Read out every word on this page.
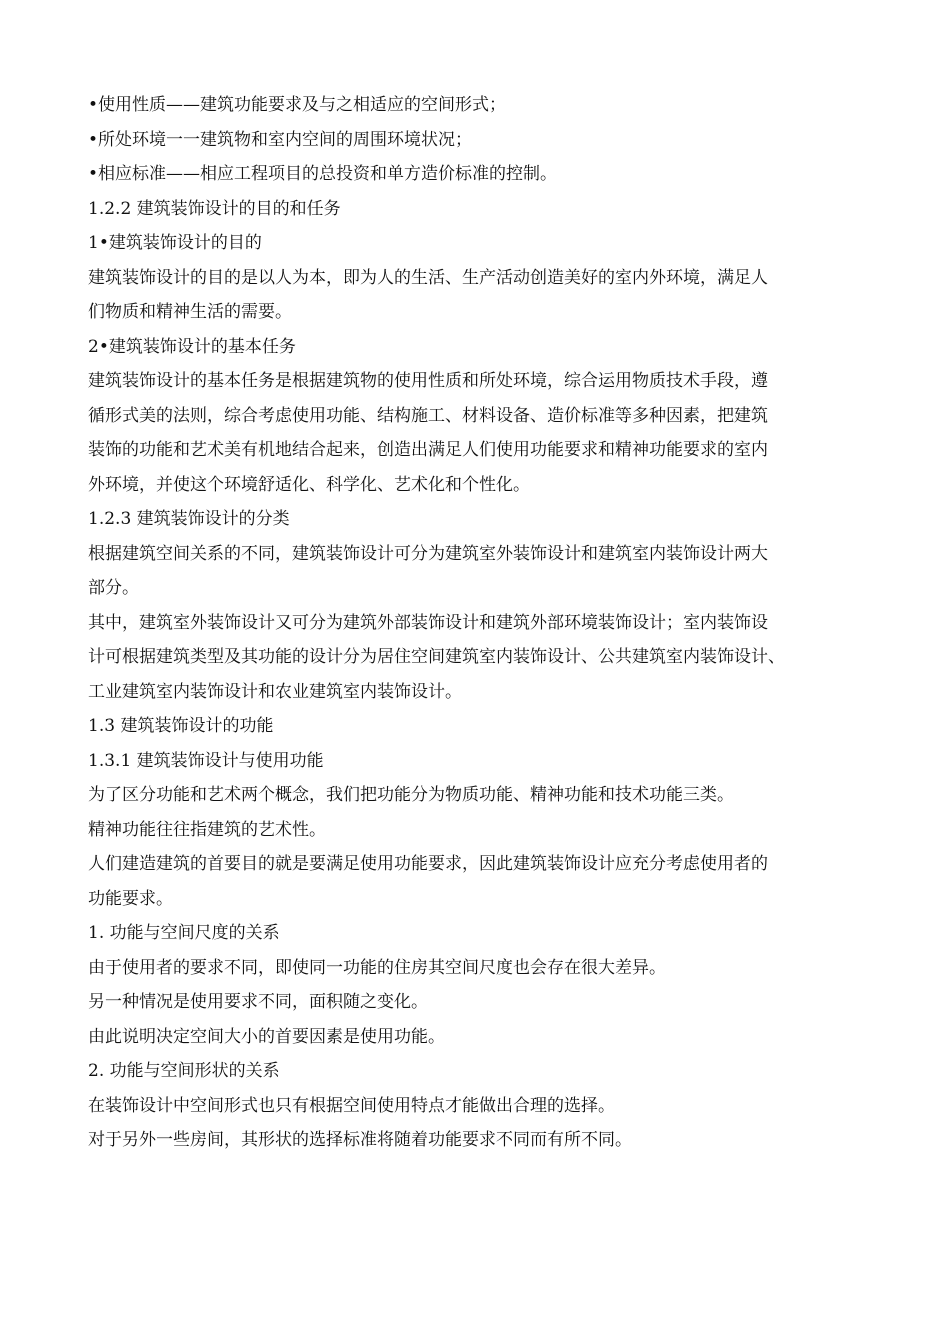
•使用性质——建筑功能要求及与之相适应的空间形式；
•所处环境一一建筑物和室内空间的周围环境状况；
•相应标准——相应工程项目的总投资和单方造价标准的控制。
1.2.2 建筑装饰设计的目的和任务
1•建筑装饰设计的目的
建筑装饰设计的目的是以人为本，即为人的生活、生产活动创造美好的室内外环境，满足人
们物质和精神生活的需要。
2•建筑装饰设计的基本任务
建筑装饰设计的基本任务是根据建筑物的使用性质和所处环境，综合运用物质技术手段，遵
循形式美的法则，综合考虑使用功能、结构施工、材料设备、造价标准等多种因素，把建筑
装饰的功能和艺术美有机地结合起来，创造出满足人们使用功能要求和精神功能要求的室内
外环境，并使这个环境舒适化、科学化、艺术化和个性化。
1.2.3 建筑装饰设计的分类
根据建筑空间关系的不同，建筑装饰设计可分为建筑室外装饰设计和建筑室内装饰设计两大
部分。
其中，建筑室外装饰设计又可分为建筑外部装饰设计和建筑外部环境装饰设计；室内装饰设
计可根据建筑类型及其功能的设计分为居住空间建筑室内装饰设计、公共建筑室内装饰设计、
工业建筑室内装饰设计和农业建筑室内装饰设计。
1.3 建筑装饰设计的功能
1.3.1 建筑装饰设计与使用功能
为了区分功能和艺术两个概念，我们把功能分为物质功能、精神功能和技术功能三类。
精神功能往往指建筑的艺术性。
人们建造建筑的首要目的就是要满足使用功能要求，因此建筑装饰设计应充分考虑使用者的
功能要求。
1. 功能与空间尺度的关系
由于使用者的要求不同，即使同一功能的住房其空间尺度也会存在很大差异。
另一种情况是使用要求不同，面积随之变化。
由此说明决定空间大小的首要因素是使用功能。
2. 功能与空间形状的关系
在装饰设计中空间形式也只有根据空间使用特点才能做出合理的选择。
对于另外一些房间，其形状的选择标准将随着功能要求不同而有所不同。
